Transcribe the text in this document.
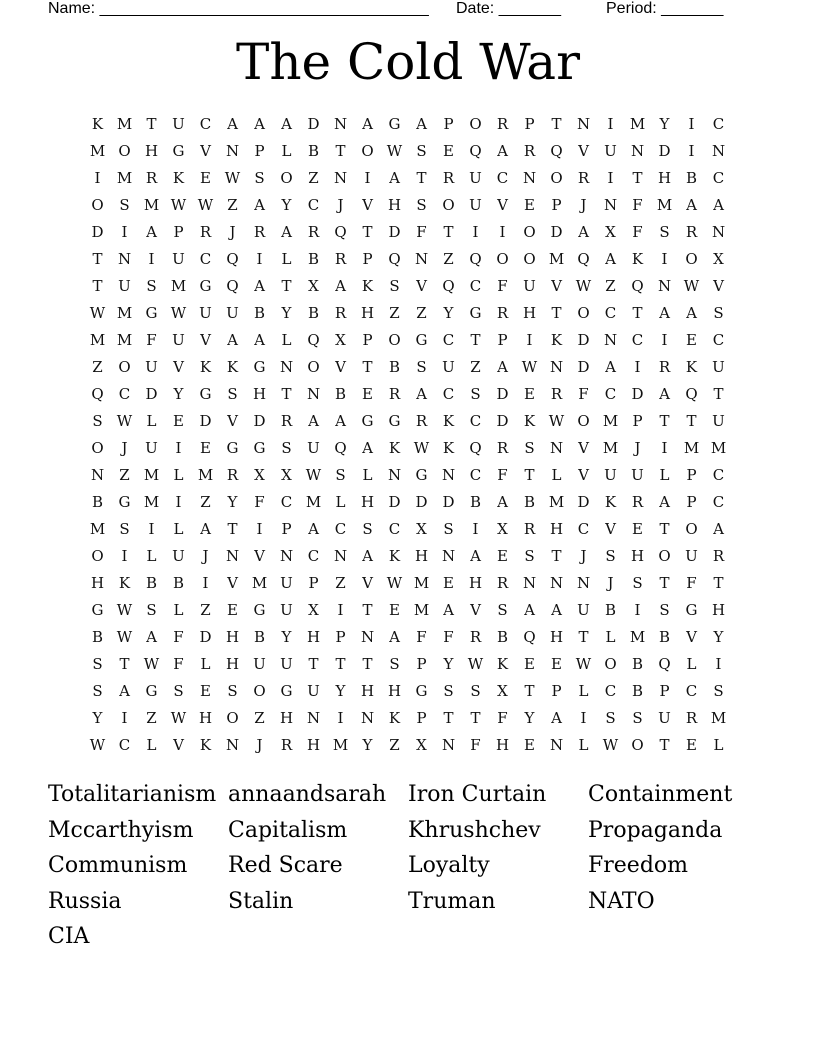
Name: _____________________________________ Date: _______	Period: _______
The Cold War
K M T	U C	A	A	A	D N	A	G	A	P	O	R	P	T	N	I	M Y	I	C
M O H G	V	N	P	L	B	T	O W S	E	Q	A	R	Q	V	U N D	I	N
I	M R	K	E W S	O	Z	N	I	A	T	R	U C N O	R	I	T	H B	C
O	S M W W Z	A	Y	C	J	V	H	S	O U	V	E	P	J	N	F M A	A
D	I	A	P	R	J	R	A	R	Q	T	D	F	T	I	I	O D	A	X	F	S	R N
T	N	I	U C	Q	I	L	B	R	P	Q N	Z	Q O O M Q	A	K	I	O	X
T	U	S M G Q	A	T	X	A	K	S	V	Q	C	F	U	V W Z	Q N W V
W M G W U U	B	Y	B	R H	Z	Z	Y	G	R H	T	O	C	T	A	A	S
M M F	U	V	A	A	L	Q	X	P	O G	C	T	P	I	K	D N C	I	E	C
Z	O U	V	K	K	G N O	V	T	B	S	U	Z	A W N D	A	I	R	K	U
Q	C	D	Y	G	S	H	T	N B	E	R	A	C	S	D	E	R	F	C	D	A	Q	T
S W L	E	D	V	D	R	A	A	G	G	R	K	C	D	K W O M P	T	T	U
O	J	U	I	E	G	G	S	U Q	A	K W K	Q	R	S	N	V M	J	I	M M
N	Z M L M R	X	X W S	L	N G N C	F	T	L	V	U U	L	P	C
B	G M	I	Z	Y	F	C M L	H D D D	B	A	B M D	K	R	A	P	C
M S	I	L	A	T	I	P	A	C	S	C	X	S	I	X	R H C	V	E	T	O	A
O	I	L	U	J	N	V	N C N	A	K H N	A	E	S	T	J	S	H O U	R
H K	B	B	I	V M U	P	Z	V W M E H R N N N	J	S	T	F	T
G W S	L	Z	E	G U	X	I	T	E M A	V	S	A	A	U	B	I	S	G H
B W A	F	D H B	Y	H	P	N	A	F	F	R	B	Q H	T	L M B	V	Y
S	T W F	L	H U U	T	T	T	S	P	Y W K	E	E W O	B	Q	L	I
S	A	G	S	E	S	O G U	Y	H H G	S	S	X	T	P	L	C	B	P	C	S
Y	I	Z W H O	Z	H N	I	N K	P	T	T	F	Y	A	I	S	S	U	R M
W C	L	V	K N	J	R H M Y	Z	X	N	F	H E N	L W O	T	E	L
Totalitarianism annaandsarah Iron Curtain	Containment
Mccarthyism	Capitalism	Khrushchev	Propaganda
Communism	Red Scare	Loyalty	Freedom
Russia	Stalin	Truman	NATO
CIA
